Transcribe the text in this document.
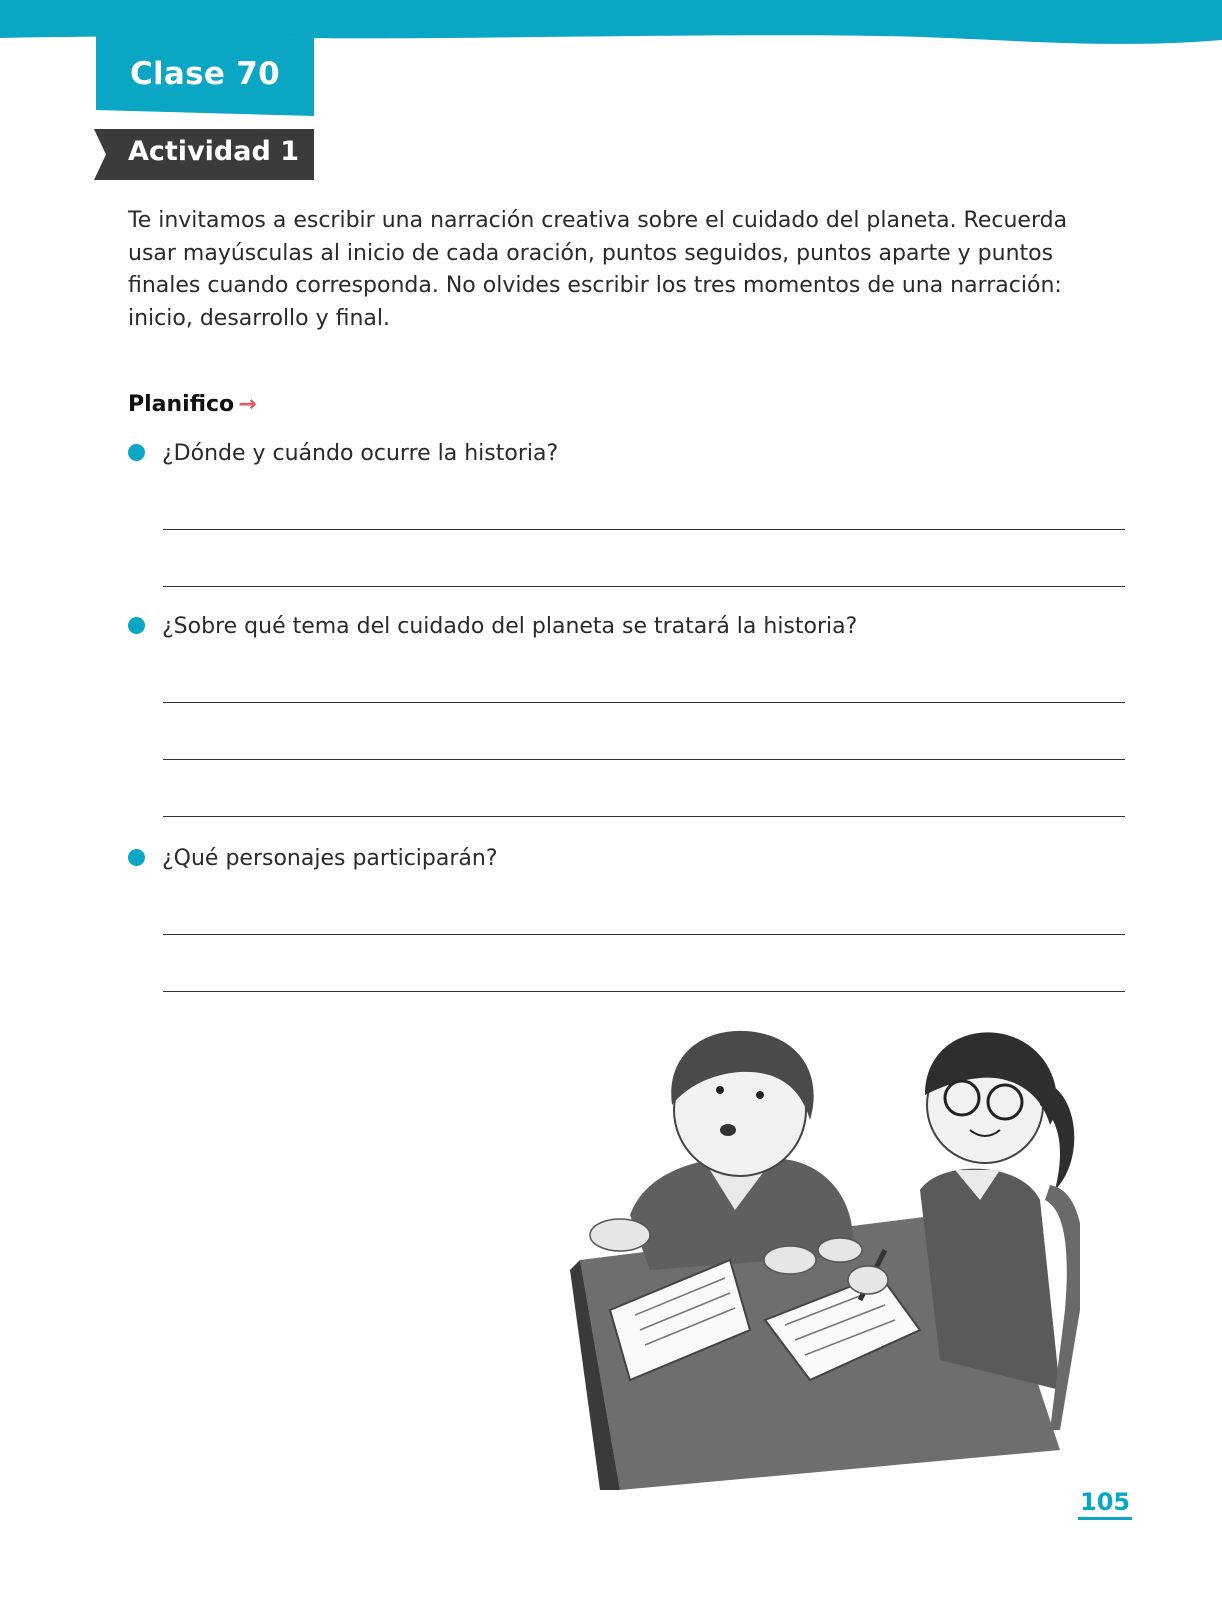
Clase 70
Actividad 1
Te invitamos a escribir una narración creativa sobre el cuidado del planeta. Recuerda usar mayúsculas al inicio de cada oración, puntos seguidos, puntos aparte y puntos finales cuando corresponda. No olvides escribir los tres momentos de una narración: inicio, desarrollo y final.
Planifico →
¿Dónde y cuándo ocurre la historia?
¿Sobre qué tema del cuidado del planeta se tratará la historia?
¿Qué personajes participarán?
105
